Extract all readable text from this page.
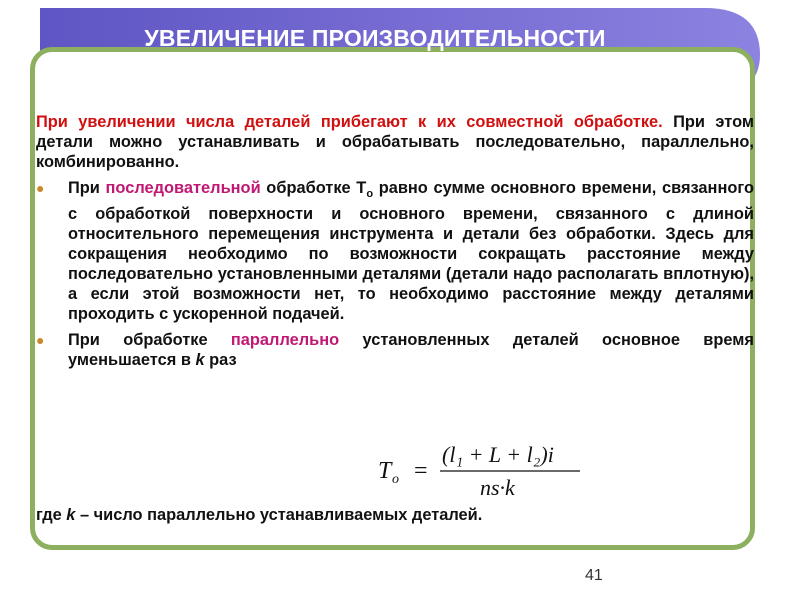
УВЕЛИЧЕНИЕ ПРОИЗВОДИТЕЛЬНОСТИ
СОВМЕСТНОЙ ОБРАБОТКОЙ ДЕТАЛЕЙ

При увеличении числа деталей прибегают к их совместной обработке. При этом детали можно устанавливать и обрабатывать последовательно, параллельно, комбинированно.

● При последовательной обработке $T_о$ равно сумме основного времени, связанного с обработкой поверхности и основного времени, связанного с длиной относительного перемещения инструмента и детали без обработки. Здесь для сокращения необходимо по возможности сокращать расстояние между последовательно установленными деталями (детали надо располагать вплотную), а если этой возможности нет, то необходимо расстояние между деталями проходить с ускоренной подачей.
● При обработке параллельно установленных деталей основное время уменьшается в k раз
T o =
(l₁ + L + l₂)i
ns·k
где k – число параллельно устанавливаемых деталей.
41
